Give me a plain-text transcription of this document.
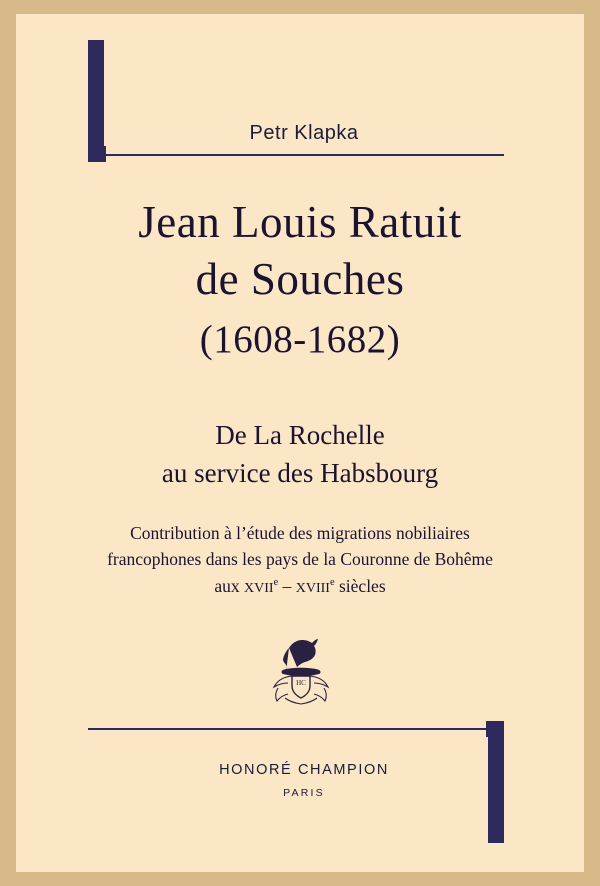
Petr Klapka
Jean Louis Ratuit
de Souches
(1608-1682)
De La Rochelle
au service des Habsbourg
Contribution à l’étude des migrations nobiliaires
francophones dans les pays de la Couronne de Bohême
aux XVIIe – XVIIIe siècles
HC
HONORÉ CHAMPION
PARIS
